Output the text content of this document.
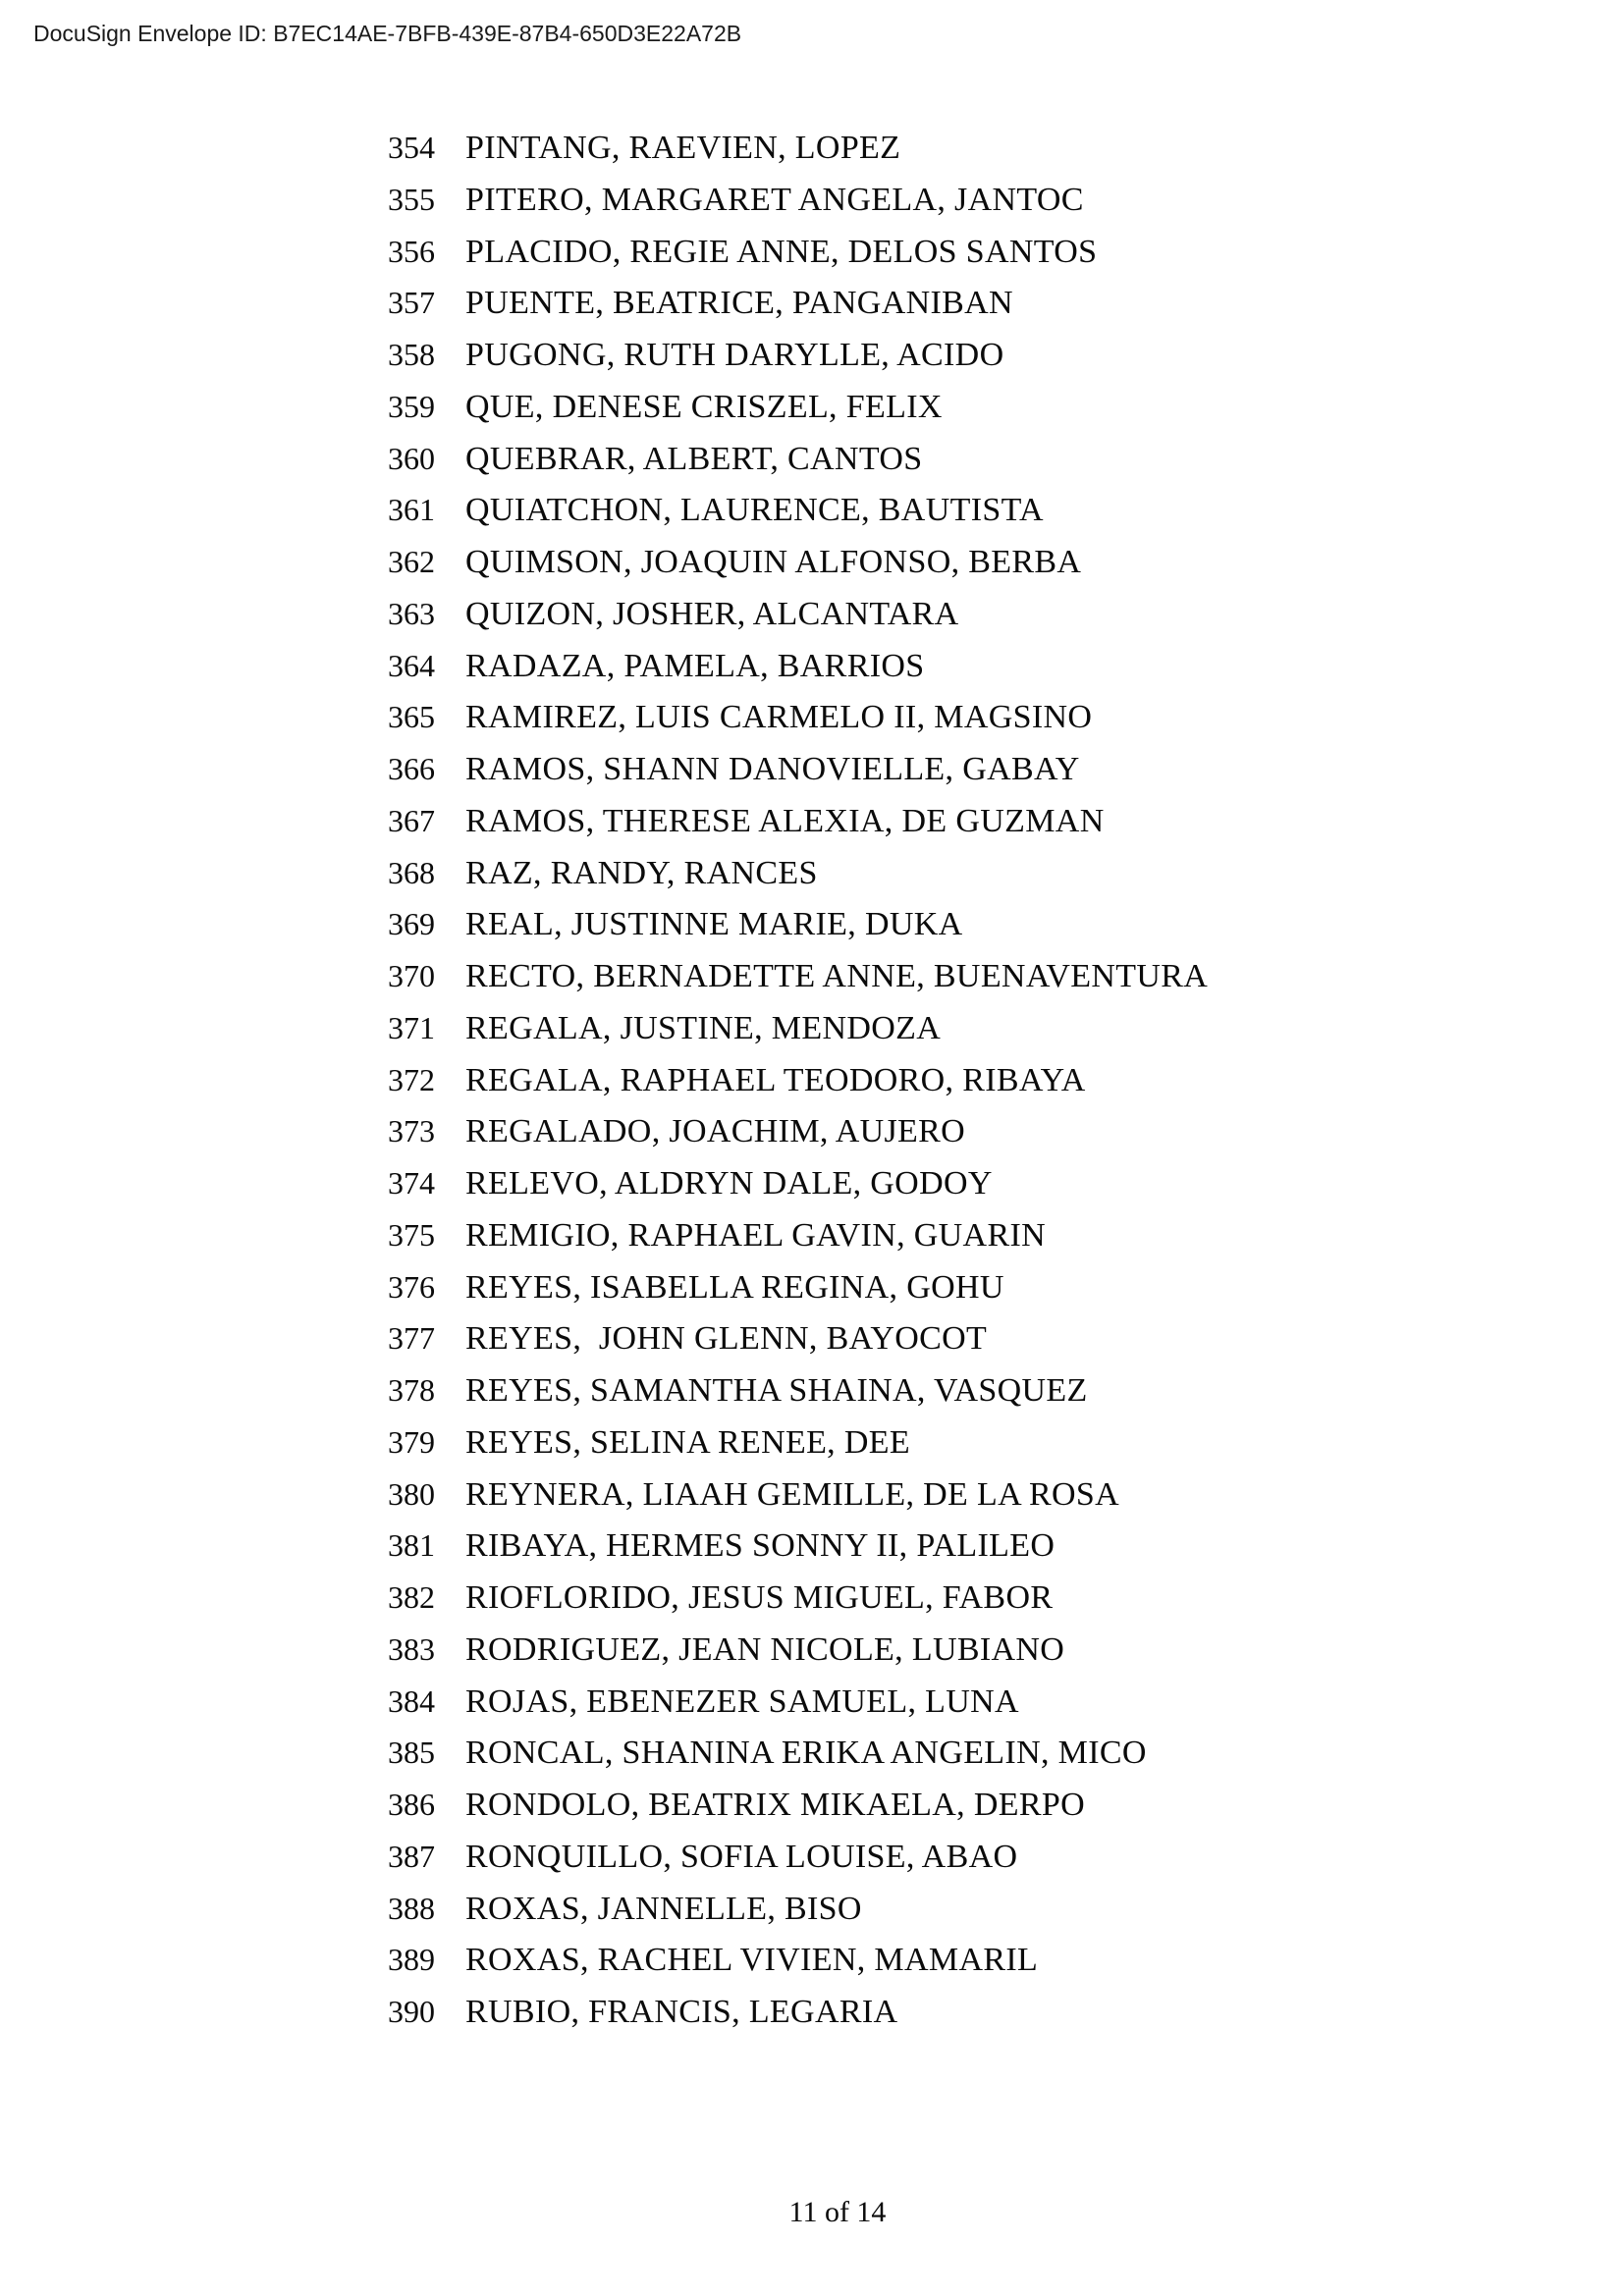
DocuSign Envelope ID: B7EC14AE-7BFB-439E-87B4-650D3E22A72B
354 PINTANG, RAEVIEN, LOPEZ
355 PITERO, MARGARET ANGELA, JANTOC
356 PLACIDO, REGIE ANNE, DELOS SANTOS
357 PUENTE, BEATRICE, PANGANIBAN
358 PUGONG, RUTH DARYLLE, ACIDO
359 QUE, DENESE CRISZEL, FELIX
360 QUEBRAR, ALBERT, CANTOS
361 QUIATCHON, LAURENCE, BAUTISTA
362 QUIMSON, JOAQUIN ALFONSO, BERBA
363 QUIZON, JOSHER, ALCANTARA
364 RADAZA, PAMELA, BARRIOS
365 RAMIREZ, LUIS CARMELO II, MAGSINO
366 RAMOS, SHANN DANOVIELLE, GABAY
367 RAMOS, THERESE ALEXIA, DE GUZMAN
368 RAZ, RANDY, RANCES
369 REAL, JUSTINNE MARIE, DUKA
370 RECTO, BERNADETTE ANNE, BUENAVENTURA
371 REGALA, JUSTINE, MENDOZA
372 REGALA, RAPHAEL TEODORO, RIBAYA
373 REGALADO, JOACHIM, AUJERO
374 RELEVO, ALDRYN DALE, GODOY
375 REMIGIO, RAPHAEL GAVIN, GUARIN
376 REYES, ISABELLA REGINA, GOHU
377 REYES,  JOHN GLENN, BAYOCOT
378 REYES, SAMANTHA SHAINA, VASQUEZ
379 REYES, SELINA RENEE, DEE
380 REYNERA, LIAAH GEMILLE, DE LA ROSA
381 RIBAYA, HERMES SONNY II, PALILEO
382 RIOFLORIDO, JESUS MIGUEL, FABOR
383 RODRIGUEZ, JEAN NICOLE, LUBIANO
384 ROJAS, EBENEZER SAMUEL, LUNA
385 RONCAL, SHANINA ERIKA ANGELIN, MICO
386 RONDOLO, BEATRIX MIKAELA, DERPO
387 RONQUILLO, SOFIA LOUISE, ABAO
388 ROXAS, JANNELLE, BISO
389 ROXAS, RACHEL VIVIEN, MAMARIL
390 RUBIO, FRANCIS, LEGARIA
11 of 14
